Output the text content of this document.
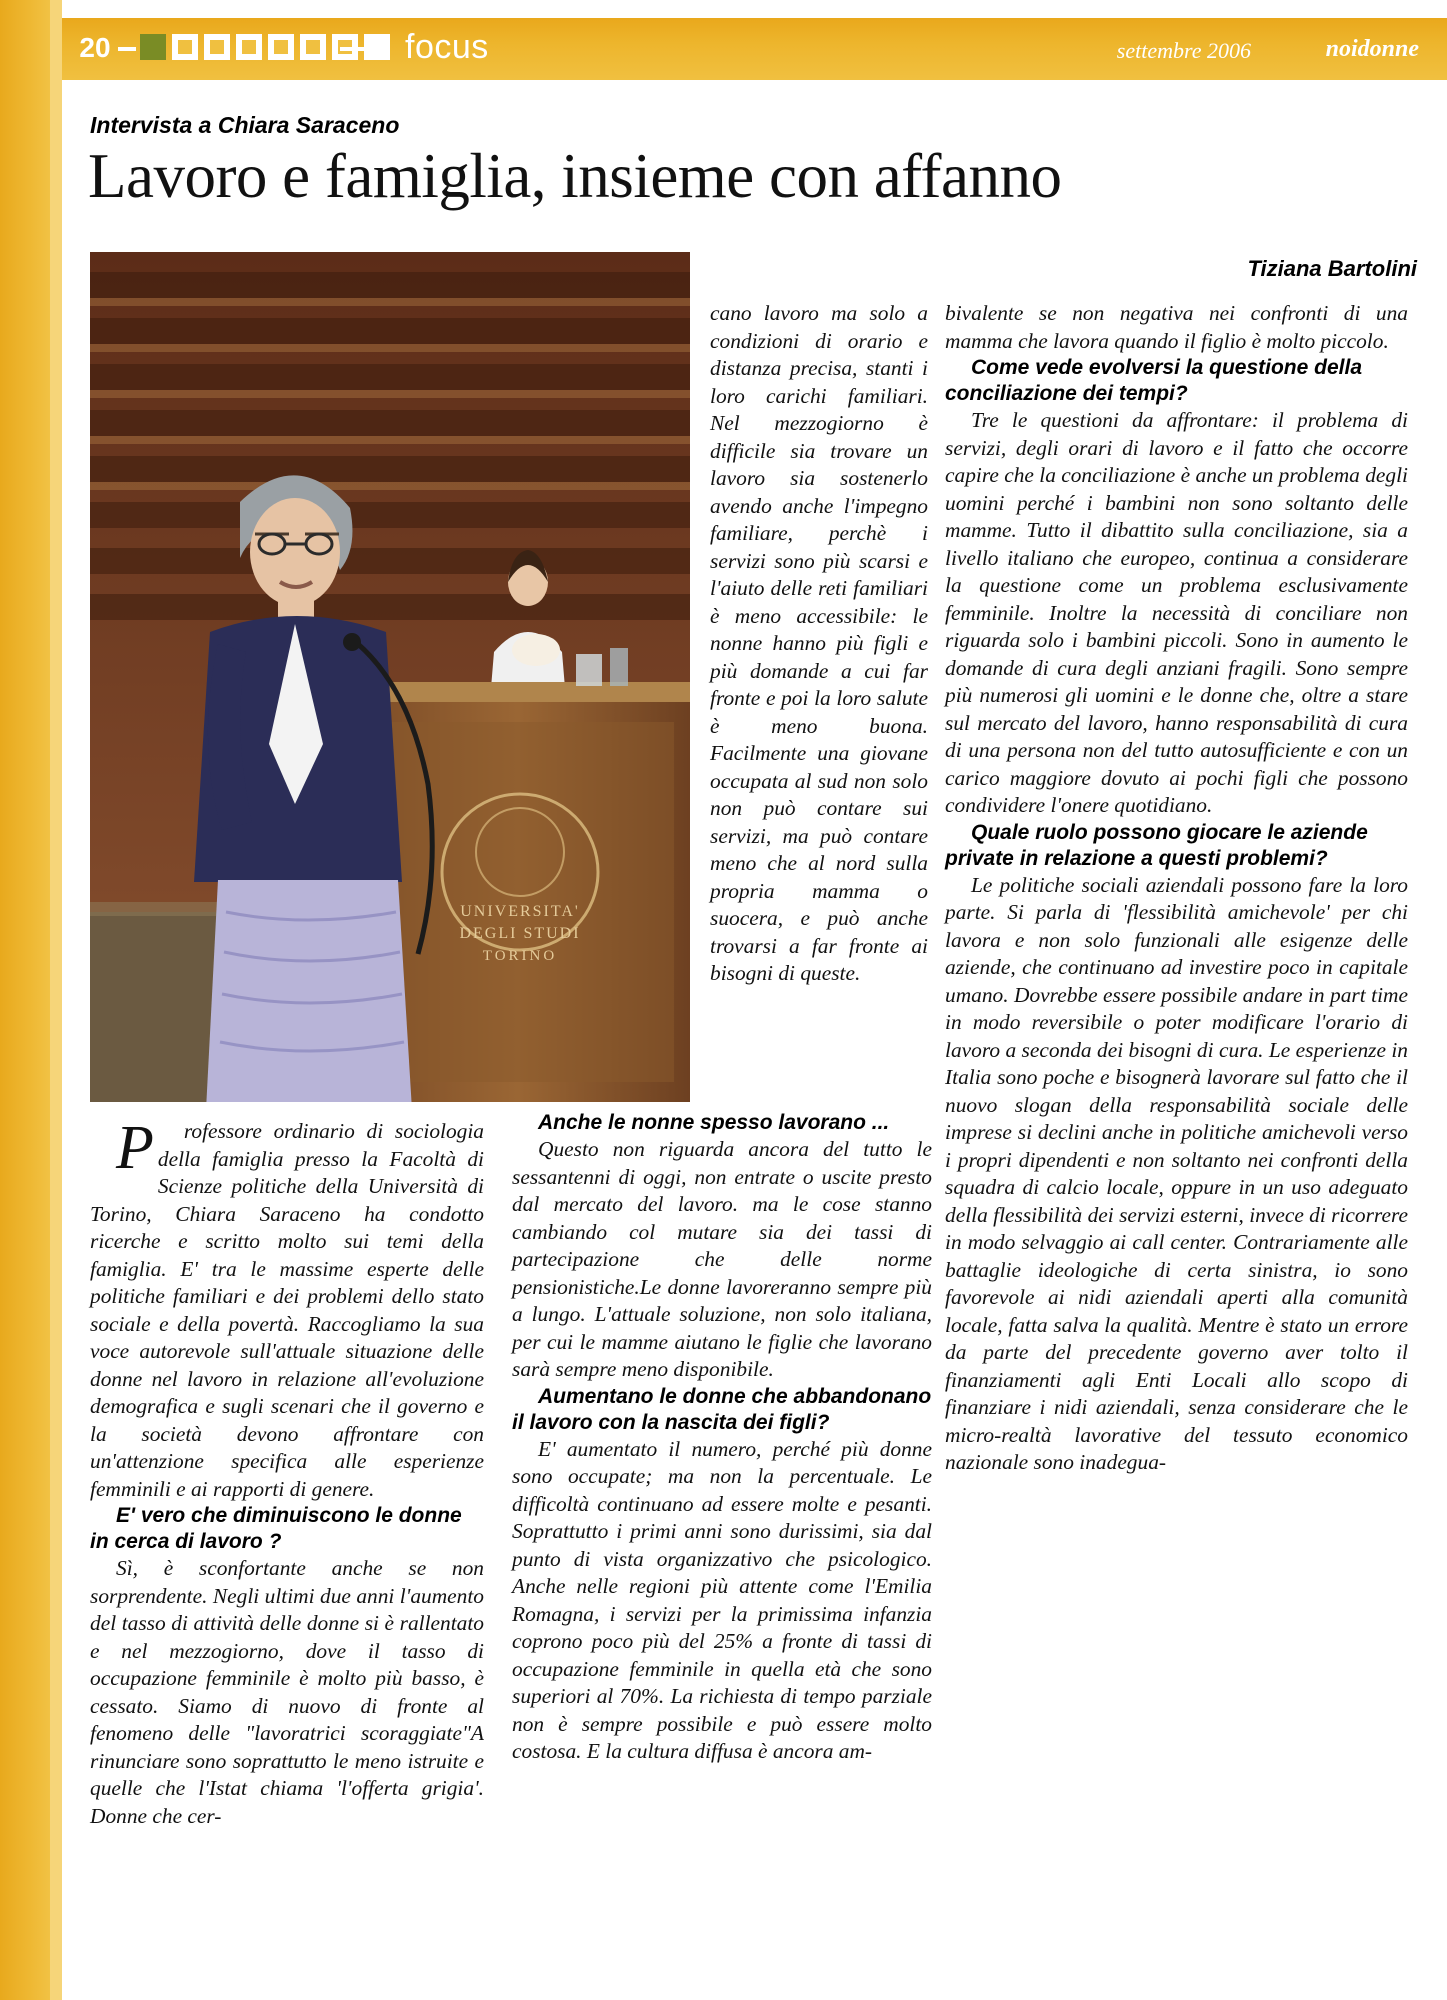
20	focus	settembre 2006	noidonne
Intervista a Chiara Saraceno
Lavoro e famiglia, insieme con affanno
UNIVERSITA'
DEGLI STUDI
TORINO
Tiziana Bartolini

cano lavoro ma solo a condizioni di orario e distanza precisa, stanti i loro carichi familiari. Nel mezzogiorno è difficile sia trovare un lavoro sia sostenerlo avendo anche l'impegno familiare, perchè i servizi sono più scarsi e l'aiuto delle reti familiari è meno accessibile: le nonne hanno più figli e più domande a cui far fronte e poi la loro salute è meno buona. Facilmente una giovane occupata al sud non solo non può contare sui servizi, ma può contare meno che al nord sulla propria mamma o suocera, e può anche trovarsi a far fronte ai bisogni di queste.

bivalente se non negativa nei confronti di una mamma che lavora quando il figlio è molto piccolo.

Come vede evolversi la questione della conciliazione dei tempi?

Tre le questioni da affrontare: il problema di servizi, degli orari di lavoro e il fatto che occorre capire che la conciliazione è anche un problema degli uomini perché i bambini non sono soltanto delle mamme. Tutto il dibattito sulla conciliazione, sia a livello italiano che europeo, continua a considerare la questione come un problema esclusivamente femminile. Inoltre la necessità di conciliare non riguarda solo i bambini piccoli. Sono in aumento le domande di cura degli anziani fragili. Sono sempre più numerosi gli uomini e le donne che, oltre a stare sul mercato del lavoro, hanno responsabilità di cura di una persona non del tutto autosufficiente e con un carico maggiore dovuto ai pochi figli che possono condividere l'onere quotidiano.

Quale ruolo possono giocare le aziende private in relazione a questi problemi?

Le politiche sociali aziendali possono fare la loro parte. Si parla di 'flessibilità amichevole' per chi lavora e non solo funzionali alle esigenze delle aziende, che continuano ad investire poco in capitale umano. Dovrebbe essere possibile andare in part time in modo reversibile o poter modificare l'orario di lavoro a seconda dei bisogni di cura. Le esperienze in Italia sono poche e bisognerà lavorare sul fatto che il nuovo slogan della responsabilità sociale delle imprese si declini anche in politiche amichevoli verso i propri dipendenti e non soltanto nei confronti della squadra di calcio locale, oppure in un uso adeguato della flessibilità dei servizi esterni, invece di ricorrere in modo selvaggio ai call center. Contrariamente alle battaglie ideologiche di certa sinistra, io sono favorevole ai nidi aziendali aperti alla comunità locale, fatta salva la qualità. Mentre è stato un errore da parte del precedente governo aver tolto il finanziamenti agli Enti Locali allo scopo di finanziare i nidi aziendali, senza considerare che le micro-realtà lavorative del tessuto economico nazionale sono inadegua-

P rofessore ordinario di sociologia della famiglia presso la Facoltà di Scienze politiche della Università di Torino, Chiara Saraceno ha condotto ricerche e scritto molto sui temi della famiglia. E' tra le massime esperte delle politiche familiari e dei problemi dello stato sociale e della povertà. Raccogliamo la sua voce autorevole sull'attuale situazione delle donne nel lavoro in relazione all'evoluzione demografica e sugli scenari che il governo e la società devono affrontare con un'attenzione specifica alle esperienze femminili e ai rapporti di genere.

E' vero che diminuiscono le donne in cerca di lavoro ?

Sì, è sconfortante anche se non sorprendente. Negli ultimi due anni l'aumento del tasso di attività delle donne si è rallentato e nel mezzogiorno, dove il tasso di occupazione femminile è molto più basso, è cessato. Siamo di nuovo di fronte al fenomeno delle "lavoratrici scoraggiate"A rinunciare sono soprattutto le meno istruite e quelle che l'Istat chiama 'l'offerta grigia'. Donne che cer-

Anche le nonne spesso lavorano ...

Questo non riguarda ancora del tutto le sessantenni di oggi, non entrate o uscite presto dal mercato del lavoro. ma le cose stanno cambiando col mutare sia dei tassi di partecipazione che delle norme pensionistiche.Le donne lavoreranno sempre più a lungo. L'attuale soluzione, non solo italiana, per cui le mamme aiutano le figlie che lavorano sarà sempre meno disponibile.

Aumentano le donne che abbandonano il lavoro con la nascita dei figli?

E' aumentato il numero, perché più donne sono occupate; ma non la percentuale. Le difficoltà continuano ad essere molte e pesanti. Soprattutto i primi anni sono durissimi, sia dal punto di vista organizzativo che psicologico. Anche nelle regioni più attente come l'Emilia Romagna, i servizi per la primissima infanzia coprono poco più del 25% a fronte di tassi di occupazione femminile in quella età che sono superiori al 70%. La richiesta di tempo parziale non è sempre possibile e può essere molto costosa. E la cultura diffusa è ancora am-
